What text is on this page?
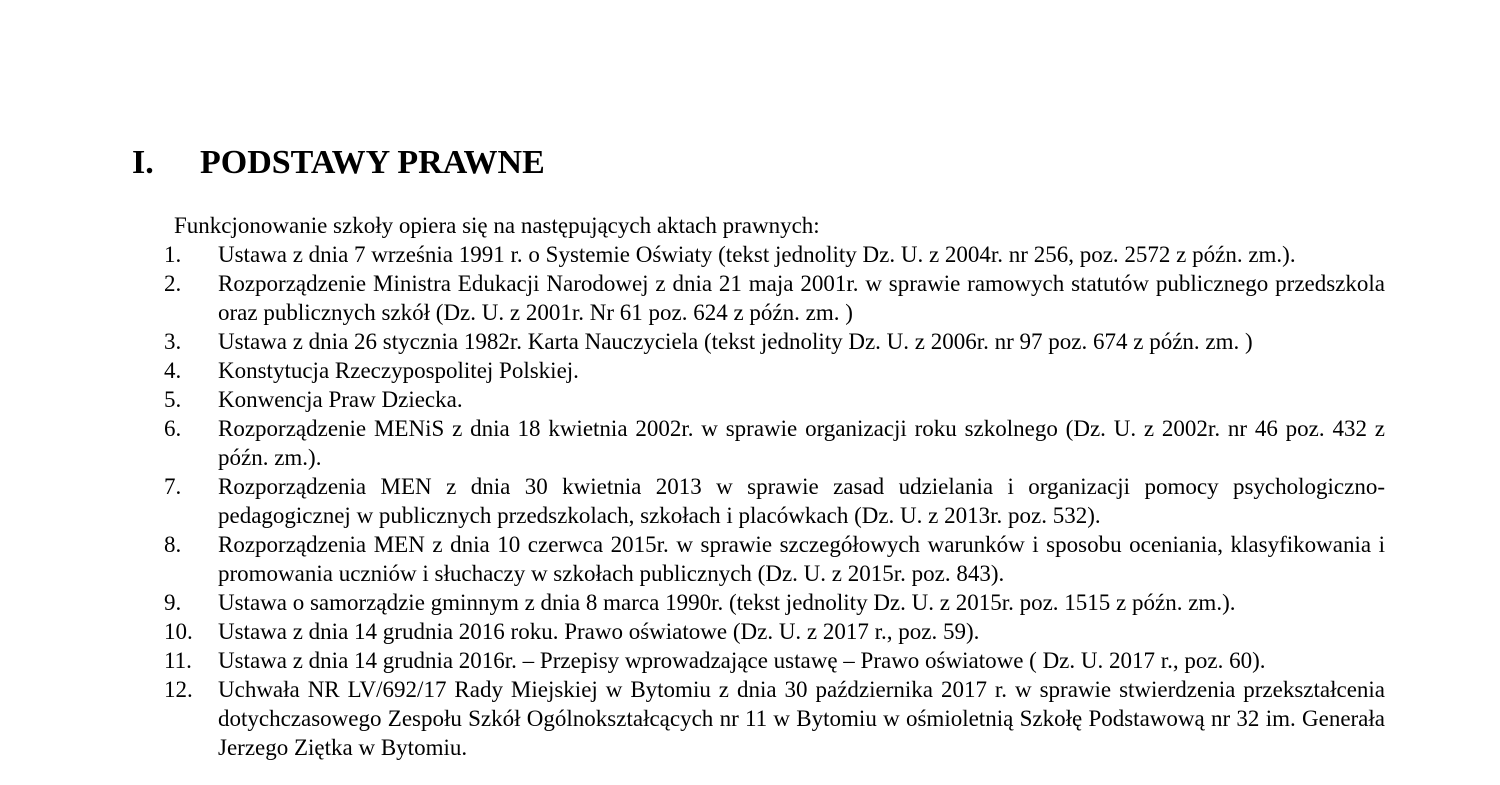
I. PODSTAWY PRAWNE

Funkcjonowanie szkoły opiera się na następujących aktach prawnych:

1. Ustawa z dnia 7 września 1991 r. o Systemie Oświaty (tekst jednolity Dz. U. z 2004r. nr 256, poz. 2572 z późn. zm.).
2. Rozporządzenie Ministra Edukacji Narodowej z dnia 21 maja 2001r. w sprawie ramowych statutów publicznego przedszkola oraz publicznych szkół (Dz. U. z 2001r. Nr 61 poz. 624 z późn. zm. )
3. Ustawa z dnia 26 stycznia 1982r. Karta Nauczyciela (tekst jednolity Dz. U. z 2006r. nr 97 poz. 674 z późn. zm. )
4. Konstytucja Rzeczypospolitej Polskiej.
5. Konwencja Praw Dziecka.
6. Rozporządzenie MENiS z dnia 18 kwietnia 2002r. w sprawie organizacji roku szkolnego (Dz. U. z 2002r. nr 46 poz. 432 z późn. zm.).
7. Rozporządzenia MEN z dnia 30 kwietnia 2013 w sprawie zasad udzielania i organizacji pomocy psychologiczno-pedagogicznej w publicznych przedszkolach, szkołach i placówkach (Dz. U. z 2013r. poz. 532).
8. Rozporządzenia MEN z dnia 10 czerwca 2015r. w sprawie szczegółowych warunków i sposobu oceniania, klasyfikowania i promowania uczniów i słuchaczy w szkołach publicznych (Dz. U. z 2015r. poz. 843).
9. Ustawa o samorządzie gminnym z dnia 8 marca 1990r. (tekst jednolity Dz. U. z 2015r. poz. 1515 z późn. zm.).
10. Ustawa z dnia 14 grudnia 2016 roku. Prawo oświatowe (Dz. U. z 2017 r., poz. 59).
11. Ustawa z dnia 14 grudnia 2016r. – Przepisy wprowadzające ustawę – Prawo oświatowe ( Dz. U. 2017 r., poz. 60).
12. Uchwała NR LV/692/17 Rady Miejskiej w Bytomiu z dnia 30 października 2017 r. w sprawie stwierdzenia przekształcenia dotychczasowego Zespołu Szkół Ogólnokształcących nr 11 w Bytomiu w ośmioletnią Szkołę Podstawową nr 32 im. Generała Jerzego Ziętka w Bytomiu.
